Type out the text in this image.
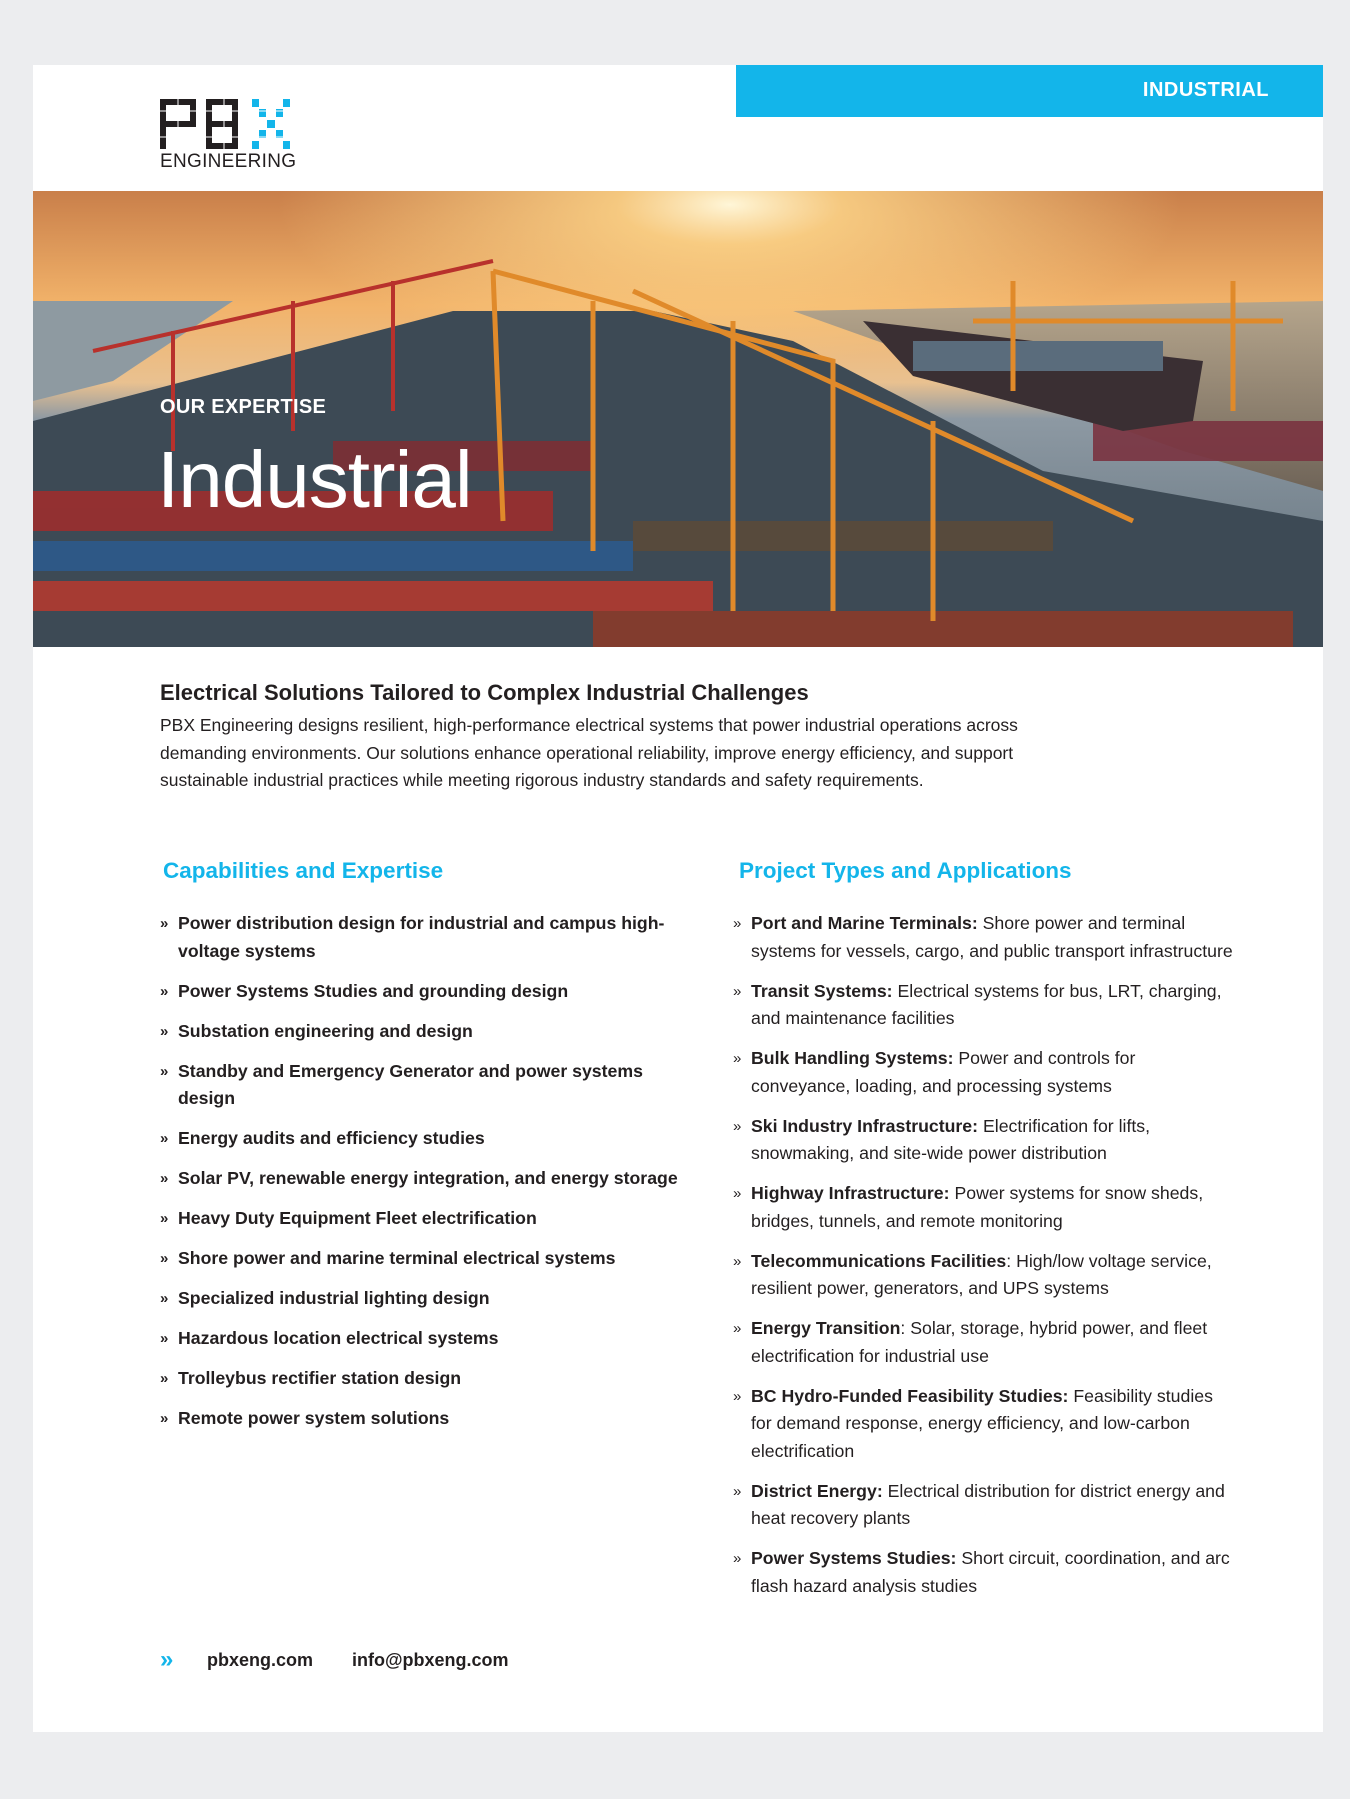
INDUSTRIAL
ENGINEERING
OUR EXPERTISE
Industrial
Electrical Solutions Tailored to Complex Industrial Challenges
PBX Engineering designs resilient, high-performance electrical systems that power industrial operations across demanding environments. Our solutions enhance operational reliability, improve energy efficiency, and support sustainable industrial practices while meeting rigorous industry standards and safety requirements.
Capabilities and Expertise	Project Types and Applications
» Power distribution design for industrial and campus high-voltage systems
» Power Systems Studies and grounding design
» Substation engineering and design
» Standby and Emergency Generator and power systems design
» Energy audits and efficiency studies
» Solar PV, renewable energy integration, and energy storage
» Heavy Duty Equipment Fleet electrification
» Shore power and marine terminal electrical systems
» Specialized industrial lighting design
» Hazardous location electrical systems
» Trolleybus rectifier station design
» Remote power system solutions
» Port and Marine Terminals: Shore power and terminal systems for vessels, cargo, and public transport infrastructure
» Transit Systems: Electrical systems for bus, LRT, charging, and maintenance facilities
» Bulk Handling Systems: Power and controls for conveyance, loading, and processing systems
» Ski Industry Infrastructure: Electrification for lifts, snowmaking, and site-wide power distribution
» Highway Infrastructure: Power systems for snow sheds, bridges, tunnels, and remote monitoring
» Telecommunications Facilities: High/low voltage service, resilient power, generators, and UPS systems
» Energy Transition: Solar, storage, hybrid power, and fleet electrification for industrial use
» BC Hydro-Funded Feasibility Studies: Feasibility studies for demand response, energy efficiency, and low-carbon electrification
» District Energy: Electrical distribution for district energy and heat recovery plants
» Power Systems Studies: Short circuit, coordination, and arc flash hazard analysis studies
» pbxeng.com info@pbxeng.com
